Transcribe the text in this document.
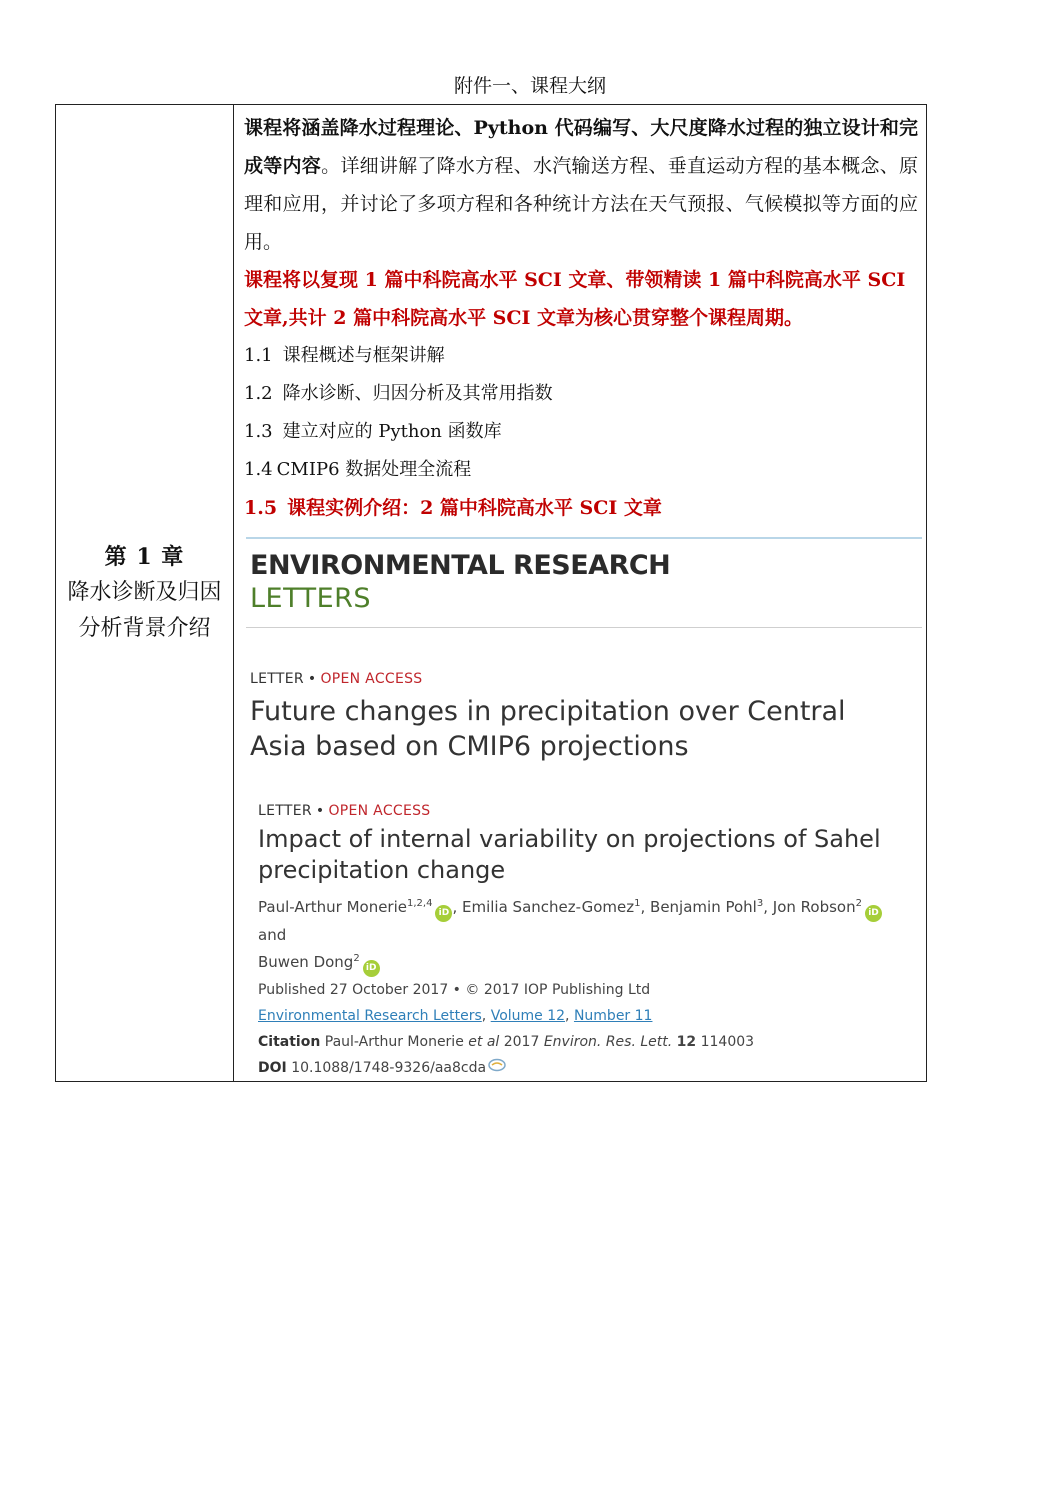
附件一、课程大纲
第 1 章
降水诊断及归因分析背景介绍

课程将涵盖降水过程理论、Python 代码编写、大尺度降水过程的独立设计和完成等内容。详细讲解了降水方程、水汽输送方程、垂直运动方程的基本概念、原理和应用，并讨论了多项方程和各种统计方法在天气预报、气候模拟等方面的应用。

课程将以复现 1 篇中科院高水平 SCI 文章、带领精读 1 篇中科院高水平 SCI 文章,共计 2 篇中科院高水平 SCI 文章为核心贯穿整个课程周期。

1.1 课程概述与框架讲解
1.2 降水诊断、归因分析及其常用指数
1.3 建立对应的 Python 函数库
1.4 CMIP6 数据处理全流程
1.5 课程实例介绍：2 篇中科院高水平 SCI 文章
ENVIRONMENTAL RESEARCH
LETTERS
LETTER • OPEN ACCESS
Future changes in precipitation over Central Asia based on CMIP6 projections
LETTER • OPEN ACCESS
Impact of internal variability on projections of Sahel precipitation change
Paul-Arthur Monerie$^{1,2,4}$iD , Emilia Sanchez-Gomez$^1$, Benjamin Pohl$^3$, Jon Robson$^2$iD and
Buwen Dong$^2$iD
Published 27 October 2017 • © 2017 IOP Publishing Ltd
Environmental Research Letters, Volume 12, Number 11
Citation Paul-Arthur Monerie et al 2017 Environ. Res. Lett. 12 114003
DOI 10.1088/1748-9326/aa8cda
